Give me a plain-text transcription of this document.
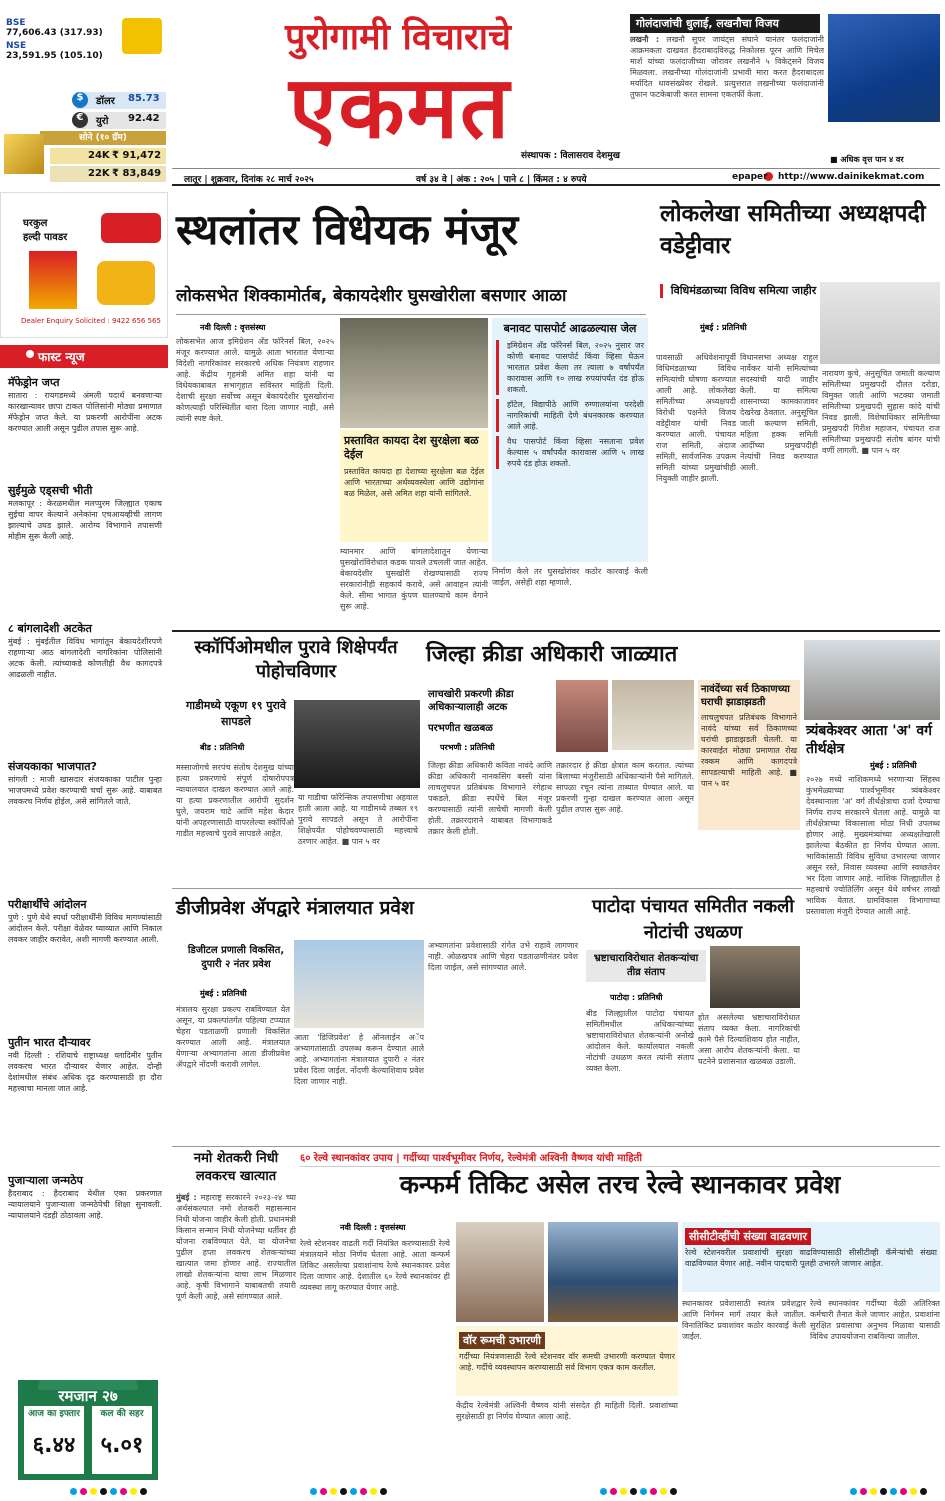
BSE
77,606.43 (317.93)
NSE
23,591.95 (105.10)
$	डॉलर 85.73
€	युरो 92.42
सोने (१० ग्रॅम)
24K ₹ 91,472
22K ₹ 83,849
पुरोगामी विचाराचे
एकमत	संस्थापक : विलासराव देशमुख
गोलंदाजांची धुलाई, लखनौचा विजय
लखनौ : लखनौ सुपर जायंट्स संघाने यानंतर फलंदाजांनी आक्रमकता दाखवत हैदराबादविरुद्ध निकोलस पूरन आणि मिचेल मार्श यांच्या फलंदाजीच्या जोरावर लखनौने ५ विकेट्सने विजय मिळवला. लखनौच्या गोलंदाजांनी प्रभावी मारा करत हैदराबादला मर्यादित धावसंख्येवर रोखले. प्रत्युत्तरात लखनौच्या फलंदाजांनी तुफान फटकेबाजी करत सामना एकतर्फी केला.
■ अधिक वृत्त पान ४ वर
लातूर | शुक्रवार, दिनांक २८ मार्च २०२५	वर्ष ३४ वे | अंक : २०५ | पाने ८ | किंमत : ४ रुपये	epaper http://www.dainikekmat.com
घरकुल
हल्दी पावडर
Dealer Enquiry Solicited : 9422 656 565
फास्ट न्यूज
मॅफेड्रोन जप्त
सातारा : रायगडमध्ये अंमली पदार्थ बनवणाऱ्या कारखान्यावर छापा टाकत पोलिसांनी मोठ्या प्रमाणात मॅफेड्रोन जप्त केले. या प्रकरणी आरोपींना अटक करण्यात आली असून पुढील तपास सुरू आहे.
सुईमुळे एड्सची भीती
मलकापूर : केरळमधील मलप्पुरम जिल्ह्यात एकाच सुईचा वापर केल्याने अनेकांना एचआयव्हीची लागण झाल्याचे उघड झाले. आरोग्य विभागाने तपासणी मोहीम सुरू केली आहे.
८ बांगलादेशी अटकेत
मुंबई : मुंबईतील विविध भागांतून बेकायदेशीरपणे राहणाऱ्या आठ बांगलादेशी नागरिकांना पोलिसांनी अटक केली. त्यांच्याकडे कोणतीही वैध कागदपत्रे आढळली नाहीत.
संजयकाका भाजपात?
सांगली : माजी खासदार संजयकाका पाटील पुन्हा भाजपमध्ये प्रवेश करण्याची चर्चा सुरू आहे. याबाबत लवकरच निर्णय होईल, असे सांगितले जाते.
परीक्षार्थींचे आंदोलन
पुणे : पुणे येथे स्पर्धा परीक्षार्थींनी विविध मागण्यांसाठी आंदोलन केले. परीक्षा वेळेवर घ्याव्यात आणि निकाल लवकर जाहीर करावेत, अशी मागणी करण्यात आली.
पुतीन भारत दौऱ्यावर
नवी दिल्ली : रशियाचे राष्ट्राध्यक्ष व्लादिमीर पुतीन लवकरच भारत दौऱ्यावर येणार आहेत. दोन्ही देशांमधील संबंध अधिक दृढ करण्यासाठी हा दौरा महत्त्वाचा मानला जात आहे.
पुजाऱ्याला जन्मठेप
हैदराबाद : हैदराबाद येथील एका प्रकरणात न्यायालयाने पुजाऱ्याला जन्मठेपेची शिक्षा सुनावली. न्यायालयाने दंडही ठोठावला आहे.
रमजान २७
आज का इफ्तार
६.४४
कल की सहर
५.०१
स्थलांतर विधेयक मंजूर
लोकसभेत शिक्कामोर्तब, बेकायदेशीर घुसखोरीला बसणार आळा
नवी दिल्ली : वृत्तसंस्था
लोकसभेत आज इमिग्रेशन अँड फॉरेनर्स बिल, २०२५ मंजूर करण्यात आले. यामुळे आता भारतात येणाऱ्या विदेशी नागरिकांवर सरकारचे अधिक नियंत्रण राहणार आहे. केंद्रीय गृहमंत्री अमित शहा यांनी या विधेयकाबाबत सभागृहात सविस्तर माहिती दिली. देशाची सुरक्षा सर्वोच्च असून बेकायदेशीर घुसखोरांना कोणत्याही परिस्थितीत थारा दिला जाणार नाही, असे त्यांनी स्पष्ट केले.
प्रस्तावित कायदा देश सुरक्षेला बळ देईल
प्रस्तावित कायदा हा देशाच्या सुरक्षेला बळ देईल आणि भारताच्या अर्थव्यवस्थेला आणि उद्योगांना बळ मिळेल, असे अमित शहा यांनी सांगितले.
म्यानमार आणि बांगलादेशातून येणाऱ्या घुसखोरांविरोधात कडक पावले उचलली जात आहेत. बेकायदेशीर घुसखोरी रोखण्यासाठी राज्य सरकारांनीही सहकार्य करावे, असे आवाहन त्यांनी केले. सीमा भागात कुंपण घालण्याचे काम वेगाने सुरू आहे.
बनावट पासपोर्ट आढळल्यास जेल
इमिग्रेशन अँड फॉरेनर्स बिल, २०२५ नुसार जर कोणी बनावट पासपोर्ट किंवा व्हिसा घेऊन भारतात प्रवेश केला तर त्याला ७ वर्षांपर्यंत कारावास आणि १० लाख रुपयांपर्यंत दंड होऊ शकतो.
हॉटेल, विद्यापीठे आणि रुग्णालयांना परदेशी नागरिकांची माहिती देणे बंधनकारक करण्यात आले आहे.
वैध पासपोर्ट किंवा व्हिसा नसताना प्रवेश केल्यास ५ वर्षांपर्यंत कारावास आणि ५ लाख रुपये दंड होऊ शकतो.
निर्माण केले तर घुसखोरांवर कठोर कारवाई केली जाईल, असेही शहा म्हणाले.
लोकलेखा समितीच्या अध्यक्षपदी वडेट्टीवार
विधिमंडळाच्या विविध समित्या जाहीर
मुंबई : प्रतिनिधी
पावसाळी अधिवेशनापूर्वी विधिमंडळाच्या विविध समित्यांची घोषणा करण्यात आली आहे. लोकलेखा समितीच्या अध्यक्षपदी विरोधी पक्षनेते विजय वडेट्टीवार यांची निवड करण्यात आली. पंचायत राज समिती, अंदाज समिती, सार्वजनिक उपक्रम समिती यांच्या प्रमुखांचीही नियुक्ती जाहीर झाली.
विधानसभा अध्यक्ष राहुल नार्वेकर यांनी समित्यांच्या सदस्यांची यादी जाहीर केली. या समित्या शासनाच्या कामकाजावर देखरेख ठेवतात. अनुसूचित जाती कल्याण समिती, महिला हक्क समिती आदींच्या प्रमुखपदीही नेत्यांची निवड करण्यात आली.
नारायण कुचे, अनुसूचित जमाती कल्याण समितीच्या प्रमुखपदी दौलत दरोडा, विमुक्त जाती आणि भटक्या जमाती समितीच्या प्रमुखपदी सुहास कांदे यांची निवड झाली. विशेषाधिकार समितीच्या प्रमुखपदी गिरीश महाजन, पंचायत राज समितीच्या प्रमुखपदी संतोष बांगर यांची वर्णी लागली. ■ पान ५ वर
स्कॉर्पिओमधील पुरावे शिक्षेपर्यंत पोहोचविणार
गाडीमध्ये एकूण १९ पुरावे सापडले
बीड : प्रतिनिधी
मस्साजोगचे सरपंच संतोष देशमुख यांच्या हत्या प्रकरणाचे संपूर्ण दोषारोपपत्र न्यायालयात दाखल करण्यात आले आहे. या हत्या प्रकरणातील आरोपी सुदर्शन घुले, जयराम चाटे आणि महेश केदार यांनी अपहरणासाठी वापरलेल्या स्कॉर्पिओ गाडीत महत्त्वाचे पुरावे सापडले आहेत.
या गाडीचा फॉरेन्सिक तपासणीचा अहवाल हाती आला आहे. या गाडीमध्ये तब्बल १९ पुरावे सापडले असून ते आरोपींना शिक्षेपर्यंत पोहोचवण्यासाठी महत्त्वाचे ठरणार आहेत. ■ पान ५ वर
जिल्हा क्रीडा अधिकारी जाळ्यात
लाचखोरी प्रकरणी क्रीडा अधिकाऱ्यालाही अटक
परभणीत खळबळ
परभणी : प्रतिनिधी
जिल्हा क्रीडा अधिकारी कविता नावंदे आणि क्रीडा अधिकारी नानकसिंग बस्सी यांना लाचलुचपत प्रतिबंधक विभागाने रंगेहाथ पकडले. क्रीडा स्पर्धेचे बिल मंजूर करण्यासाठी त्यांनी लाचेची मागणी केली होती. तक्रारदाराने याबाबत विभागाकडे तक्रार केली होती.
तक्रारदार हे क्रीडा क्षेत्रात काम करतात. त्यांच्या बिलाच्या मंजुरीसाठी अधिकाऱ्यांनी पैसे मागितले. सापळा रचून त्यांना ताब्यात घेण्यात आले. या प्रकरणी गुन्हा दाखल करण्यात आला असून पुढील तपास सुरू आहे.
नावंदेंच्या सर्व ठिकाणच्या घराची झाडाझडती
लाचलुचपत प्रतिबंधक विभागाने नावंदे यांच्या सर्व ठिकाणच्या घरांची झाडाझडती घेतली. या कारवाईत मोठ्या प्रमाणात रोख रक्कम आणि कागदपत्रे सापडल्याची माहिती आहे. ■ पान ५ वर
त्र्यंबकेश्वर आता 'अ' वर्ग तीर्थक्षेत्र
मुंबई : प्रतिनिधी
२०२७ मध्ये नाशिकमध्ये भरणाऱ्या सिंहस्थ कुंभमेळ्याच्या पार्श्वभूमीवर त्र्यंबकेश्वर देवस्थानाला 'अ' वर्ग तीर्थक्षेत्राचा दर्जा देण्याचा निर्णय राज्य सरकारने घेतला आहे. यामुळे या तीर्थक्षेत्राच्या विकासाला मोठा निधी उपलब्ध होणार आहे. मुख्यमंत्र्यांच्या अध्यक्षतेखाली झालेल्या बैठकीत हा निर्णय घेण्यात आला. भाविकांसाठी विविध सुविधा उभारल्या जाणार असून रस्ते, निवास व्यवस्था आणि स्वच्छतेवर भर दिला जाणार आहे. नाशिक जिल्ह्यातील हे महत्त्वाचे ज्योतिर्लिंग असून येथे वर्षभर लाखो भाविक येतात. ग्रामविकास विभागाच्या प्रस्तावाला मंजुरी देण्यात आली आहे.
डीजीप्रवेश ॲपद्वारे मंत्रालयात प्रवेश
डिजीटल प्रणाली विकसित, दुपारी २ नंतर प्रवेश
मुंबई : प्रतिनिधी
मंत्रालय सुरक्षा प्रकल्प राबविण्यात येत असून, या प्रकल्पांतर्गत पहिल्या टप्प्यात चेहरा पडताळणी प्रणाली विकसित करण्यात आली आहे. मंत्रालयात येणाऱ्या अभ्यागतांना आता डीजीप्रवेश ॲपद्वारे नोंदणी करावी लागेल.
आता 'डिजिप्रवेश' हे ऑनलाईन अॅप अभ्यागतांसाठी उपलब्ध करून देण्यात आले आहे. अभ्यागतांना मंत्रालयात दुपारी २ नंतर प्रवेश दिला जाईल. नोंदणी केल्याशिवाय प्रवेश दिला जाणार नाही.
अभ्यागतांना प्रवेशासाठी रांगेत उभे राहावे लागणार नाही. ओळखपत्र आणि चेहरा पडताळणीनंतर प्रवेश दिला जाईल, असे सांगण्यात आले.
पाटोदा पंचायत समितीत नकली नोटांची उधळण
भ्रष्टाचाराविरोधात शेतकऱ्यांचा तीव्र संताप
पाटोदा : प्रतिनिधी
बीड जिल्ह्यातील पाटोदा पंचायत समितीमधील अधिकाऱ्यांच्या भ्रष्टाचाराविरोधात शेतकऱ्यांनी अनोखे आंदोलन केले. कार्यालयात नकली नोटांची उधळण करत त्यांनी संताप व्यक्त केला.
होत असलेल्या भ्रष्टाचाराविरोधात संताप व्यक्त केला. नागरिकांची कामे पैसे दिल्याशिवाय होत नाहीत, असा आरोप शेतकऱ्यांनी केला. या घटनेने प्रशासनात खळबळ उडाली.
नमो शेतकरी निधी लवकरच खात्यात
मुंबई : महाराष्ट्र सरकारने २०२३-२४ च्या अर्थसंकल्पात नमो शेतकरी महासन्मान निधी योजना जाहीर केली होती. प्रधानमंत्री किसान सन्मान निधी योजनेच्या धर्तीवर ही योजना राबविण्यात येते. या योजनेचा पुढील हप्ता लवकरच शेतकऱ्यांच्या खात्यात जमा होणार आहे. राज्यातील लाखो शेतकऱ्यांना याचा लाभ मिळणार आहे. कृषी विभागाने याबाबतची तयारी पूर्ण केली आहे, असे सांगण्यात आले.
६० रेल्वे स्थानकांवर उपाय | गर्दीच्या पार्श्वभूमीवर निर्णय, रेल्वेमंत्री अश्विनी वैष्णव यांची माहिती
कन्फर्म तिकिट असेल तरच रेल्वे स्थानकावर प्रवेश
नवी दिल्ली : वृत्तसंस्था
रेल्वे स्टेशनवर वाढती गर्दी नियंत्रित करण्यासाठी रेल्वे मंत्रालयाने मोठा निर्णय घेतला आहे. आता कन्फर्म तिकिट असलेल्या प्रवाशांनाच रेल्वे स्थानकावर प्रवेश दिला जाणार आहे. देशातील ६० रेल्वे स्थानकांवर ही व्यवस्था लागू करण्यात येणार आहे.
वॉर रूमची उभारणी
गर्दीच्या नियंत्रणासाठी रेल्वे स्टेशनवर वॉर रूमची उभारणी करण्यात येणार आहे. गर्दीचे व्यवस्थापन करण्यासाठी सर्व विभाग एकत्र काम करतील.
केंद्रीय रेल्वेमंत्री अश्विनी वैष्णव यांनी संसदेत ही माहिती दिली. प्रवाशांच्या सुरक्षेसाठी हा निर्णय घेण्यात आला आहे.
सीसीटीव्हींची संख्या वाढवणार
रेल्वे स्टेशनवरील प्रवाशांची सुरक्षा वाढविण्यासाठी सीसीटीव्ही कॅमेऱ्यांची संख्या वाढविण्यात येणार आहे. नवीन पादचारी पूलही उभारले जाणार आहेत.
स्थानकावर प्रवेशासाठी स्वतंत्र प्रवेशद्वार आणि निर्गमन मार्ग तयार केले जातील. विनातिकिट प्रवाशांवर कठोर कारवाई केली जाईल.
रेल्वे स्थानकांवर गर्दीच्या वेळी अतिरिक्त कर्मचारी तैनात केले जाणार आहेत. प्रवाशांना सुरक्षित प्रवासाचा अनुभव मिळावा यासाठी विविध उपाययोजना राबविल्या जातील.
